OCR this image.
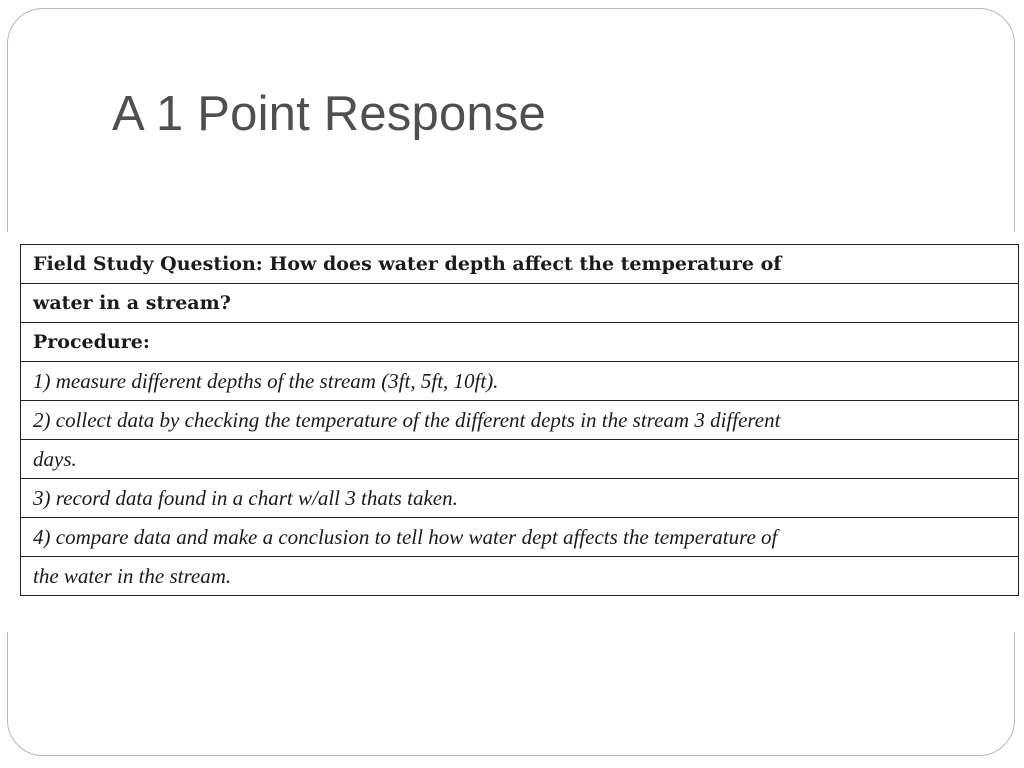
A 1 Point Response
Field Study Question: How does water depth affect the temperature of
water in a stream?
Procedure:
1) measure different depths of the stream (3ft, 5ft, 10ft).
2) collect data by checking the temperature of the different depts in the stream 3 different
days.
3) record data found in a chart w/all 3 thats taken.
4) compare data and make a conclusion to tell how water dept affects the temperature of
the water in the stream.
